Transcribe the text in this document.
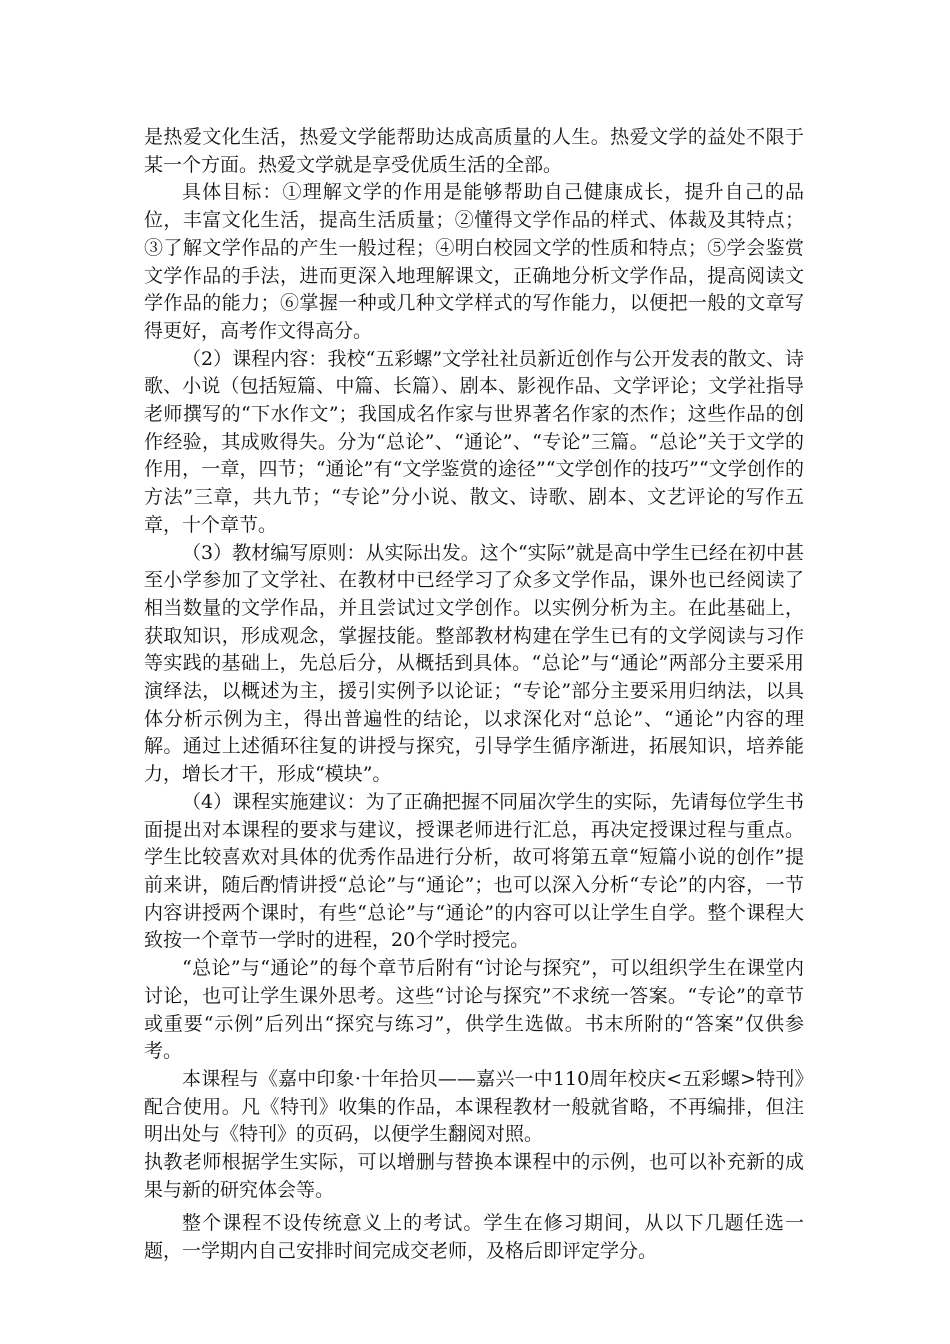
是热爱文化生活，热爱文学能帮助达成高质量的人生。热爱文学的益处不限于某一个方面。热爱文学就是享受优质生活的全部。

具体目标：①理解文学的作用是能够帮助自己健康成长，提升自己的品位，丰富文化生活，提高生活质量；②懂得文学作品的样式、体裁及其特点；③了解文学作品的产生一般过程；④明白校园文学的性质和特点；⑤学会鉴赏文学作品的手法，进而更深入地理解课文，正确地分析文学作品，提高阅读文学作品的能力；⑥掌握一种或几种文学样式的写作能力，以便把一般的文章写得更好，高考作文得高分。

（2）课程内容：我校“五彩螺”文学社社员新近创作与公开发表的散文、诗歌、小说（包括短篇、中篇、长篇）、剧本、影视作品、文学评论；文学社指导老师撰写的“下水作文”；我国成名作家与世界著名作家的杰作；这些作品的创作经验，其成败得失。分为“总论”、“通论”、“专论”三篇。“总论”关于文学的作用，一章，四节；“通论”有“文学鉴赏的途径”“文学创作的技巧”“文学创作的方法”三章，共九节；“专论”分小说、散文、诗歌、剧本、文艺评论的写作五章，十个章节。

（3）教材编写原则：从实际出发。这个“实际”就是高中学生已经在初中甚至小学参加了文学社、在教材中已经学习了众多文学作品，课外也已经阅读了相当数量的文学作品，并且尝试过文学创作。以实例分析为主。在此基础上，获取知识，形成观念，掌握技能。整部教材构建在学生已有的文学阅读与习作等实践的基础上，先总后分，从概括到具体。“总论”与“通论”两部分主要采用演绎法，以概述为主，援引实例予以论证；“专论”部分主要采用归纳法，以具体分析示例为主，得出普遍性的结论，以求深化对“总论”、“通论”内容的理解。通过上述循环往复的讲授与探究，引导学生循序渐进，拓展知识，培养能力，增长才干，形成“模块”。

（4）课程实施建议：为了正确把握不同届次学生的实际，先请每位学生书面提出对本课程的要求与建议，授课老师进行汇总，再决定授课过程与重点。学生比较喜欢对具体的优秀作品进行分析，故可将第五章“短篇小说的创作”提前来讲，随后酌情讲授“总论”与“通论”；也可以深入分析“专论”的内容，一节内容讲授两个课时，有些“总论”与“通论”的内容可以让学生自学。整个课程大致按一个章节一学时的进程，20个学时授完。

“总论”与“通论”的每个章节后附有“讨论与探究”，可以组织学生在课堂内讨论，也可让学生课外思考。这些“讨论与探究”不求统一答案。“专论”的章节或重要“示例”后列出“探究与练习”，供学生选做。书末所附的“答案”仅供参考。

本课程与《嘉中印象·十年拾贝——嘉兴一中110周年校庆<五彩螺>特刊》配合使用。凡《特刊》收集的作品，本课程教材一般就省略，不再编排，但注明出处与《特刊》的页码，以便学生翻阅对照。

执教老师根据学生实际，可以增删与替换本课程中的示例，也可以补充新的成果与新的研究体会等。

整个课程不设传统意义上的考试。学生在修习期间，从以下几题任选一题，一学期内自己安排时间完成交老师，及格后即评定学分。
